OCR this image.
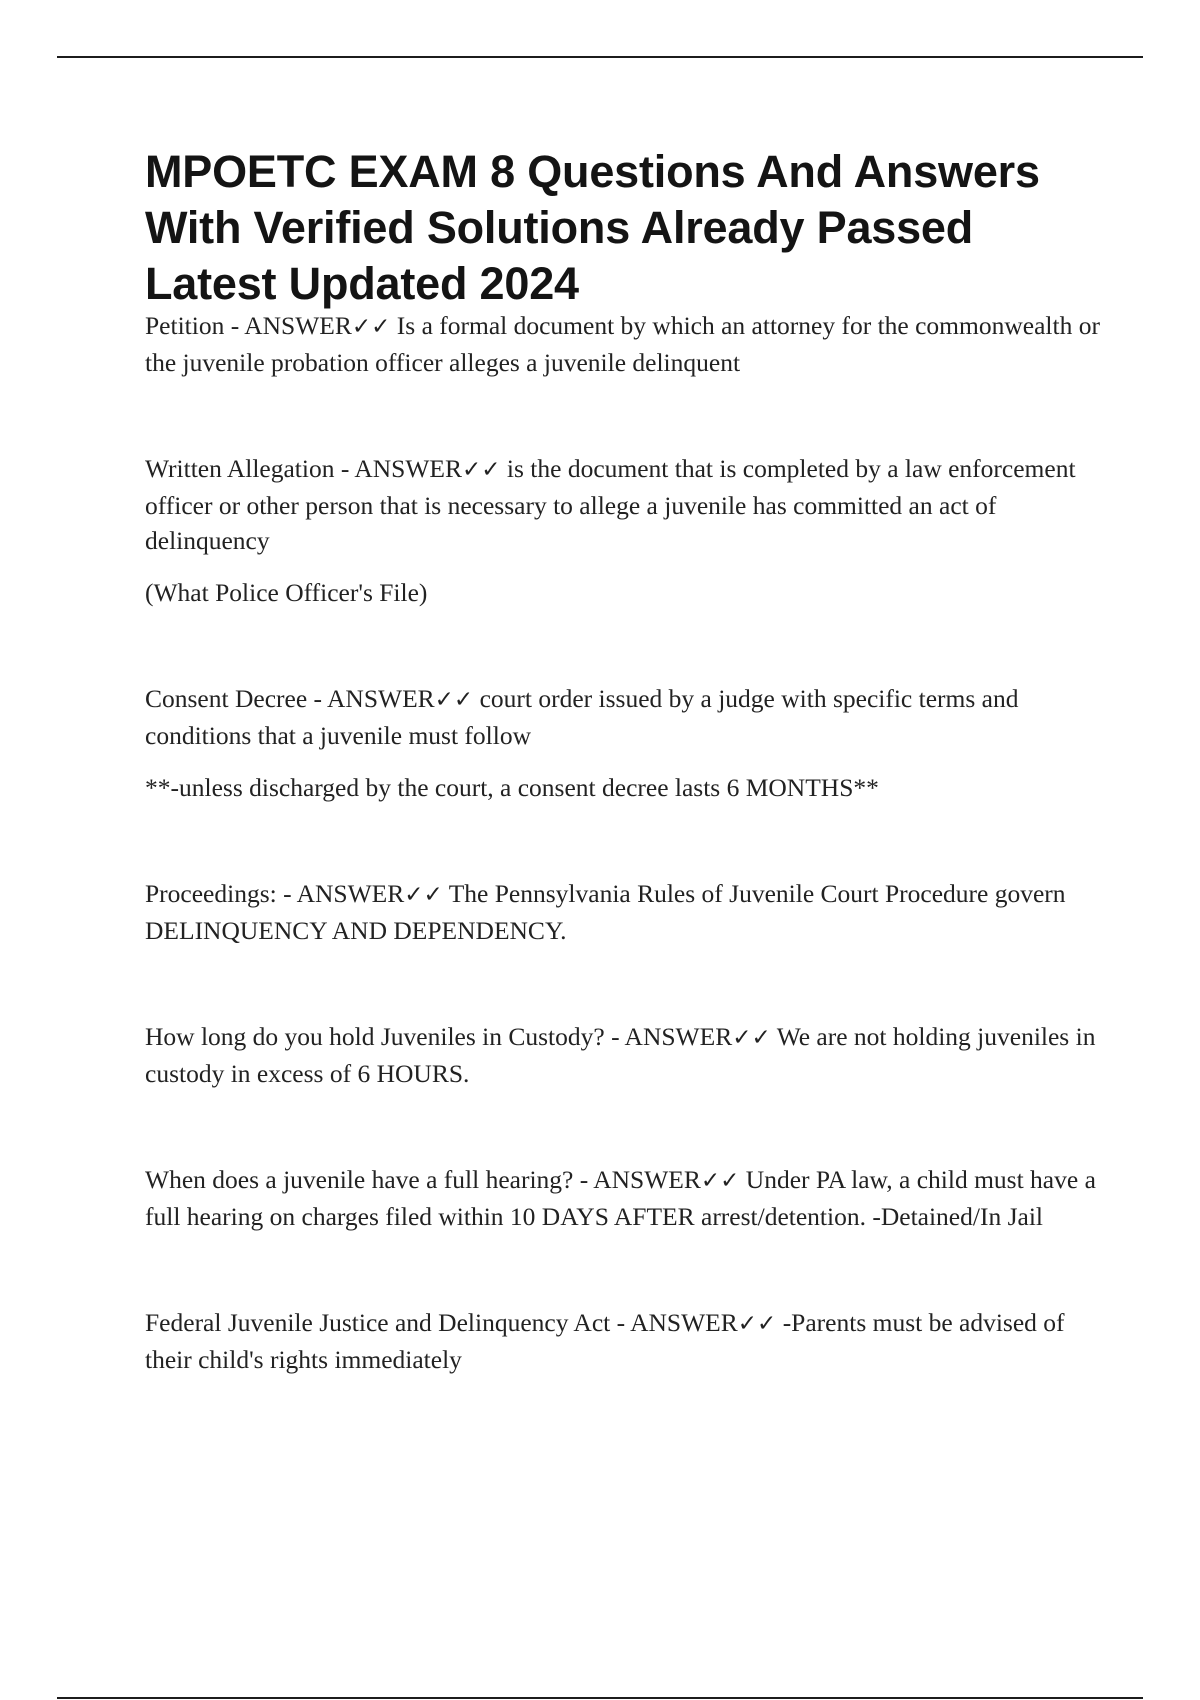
MPOETC EXAM 8 Questions And Answers With Verified Solutions Already Passed Latest Updated 2024

Petition - ANSWER✓✓ Is a formal document by which an attorney for the commonwealth or the juvenile probation officer alleges a juvenile delinquent

Written Allegation - ANSWER✓✓ is the document that is completed by a law enforcement officer or other person that is necessary to allege a juvenile has committed an act of delinquency

(What Police Officer's File)

Consent Decree - ANSWER✓✓ court order issued by a judge with specific terms and conditions that a juvenile must follow

**-unless discharged by the court, a consent decree lasts 6 MONTHS**

Proceedings: - ANSWER✓✓ The Pennsylvania Rules of Juvenile Court Procedure govern DELINQUENCY AND DEPENDENCY.

How long do you hold Juveniles in Custody? - ANSWER✓✓ We are not holding juveniles in custody in excess of 6 HOURS.

When does a juvenile have a full hearing? - ANSWER✓✓ Under PA law, a child must have a full hearing on charges filed within 10 DAYS AFTER arrest/detention. -Detained/In Jail

Federal Juvenile Justice and Delinquency Act - ANSWER✓✓ -Parents must be advised of their child's rights immediately
